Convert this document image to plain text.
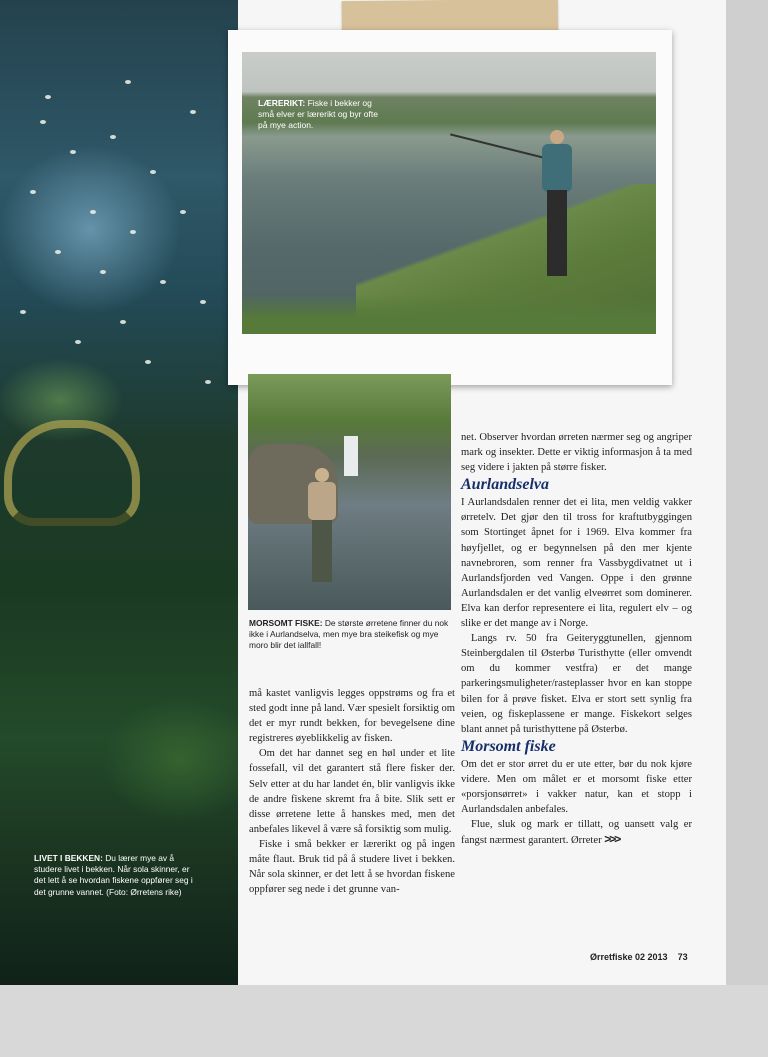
LIVET I BEKKEN: Du lærer mye av å studere livet i bekken. Når sola skinner, er det lett å se hvordan fiskene oppfører seg i det grunne vannet. (Foto: Ørretens rike)
LÆRERIKT: Fiske i bekker og små elver er lærerikt og byr ofte på mye action.
MORSOMT FISKE: De største ørretene finner du nok ikke i Aurlandselva, men mye bra steikefisk og mye moro blir det iallfall!

må kastet vanligvis legges oppstrøms og fra et sted godt inne på land. Vær spesielt forsiktig om det er myr rundt bekken, for bevegelsene dine registreres øyeblikkelig av fisken.

Om det har dannet seg en høl under et lite fossefall, vil det garantert stå flere fisker der. Selv etter at du har landet én, blir vanligvis ikke de andre fiskene skremt fra å bite. Slik sett er disse ørretene lette å hanskes med, men det anbefales likevel å være så forsiktig som mulig.

Fiske i små bekker er lærerikt og på ingen måte flaut. Bruk tid på å studere livet i bekken. Når sola skinner, er det lett å se hvordan fiskene oppfører seg nede i det grunne van-

net. Observer hvordan ørreten nærmer seg og angriper mark og insekter. Dette er viktig informasjon å ta med seg videre i jakten på større fisker.

Aurlandselva

I Aurlandsdalen renner det ei lita, men veldig vakker ørretelv. Det gjør den til tross for kraftutbyggingen som Stortinget åpnet for i 1969. Elva kommer fra høyfjellet, og er begynnelsen på den mer kjente navnebroren, som renner fra Vassbygdivatnet ut i Aurlandsfjorden ved Vangen. Oppe i den grønne Aurlandsdalen er det vanlig elveørret som dominerer. Elva kan derfor representere ei lita, regulert elv – og slike er det mange av i Norge.

Langs rv. 50 fra Geiteryggtunellen, gjennom Steinbergdalen til Østerbø Turisthytte (eller omvendt om du kommer vestfra) er det mange parkeringsmuligheter/rasteplasser hvor en kan stoppe bilen for å prøve fisket. Elva er stort sett synlig fra veien, og fiskeplassene er mange. Fiskekort selges blant annet på turisthyttene på Østerbø.

Morsomt fiske

Om det er stor ørret du er ute etter, bør du nok kjøre videre. Men om målet er et morsomt fiske etter «porsjonsørret» i vakker natur, kan et stopp i Aurlandsdalen anbefales.

Flue, sluk og mark er tillatt, og uansett valg er fangst nærmest garantert. Ørreter >>>

Ørretfiske 02 2013 73
